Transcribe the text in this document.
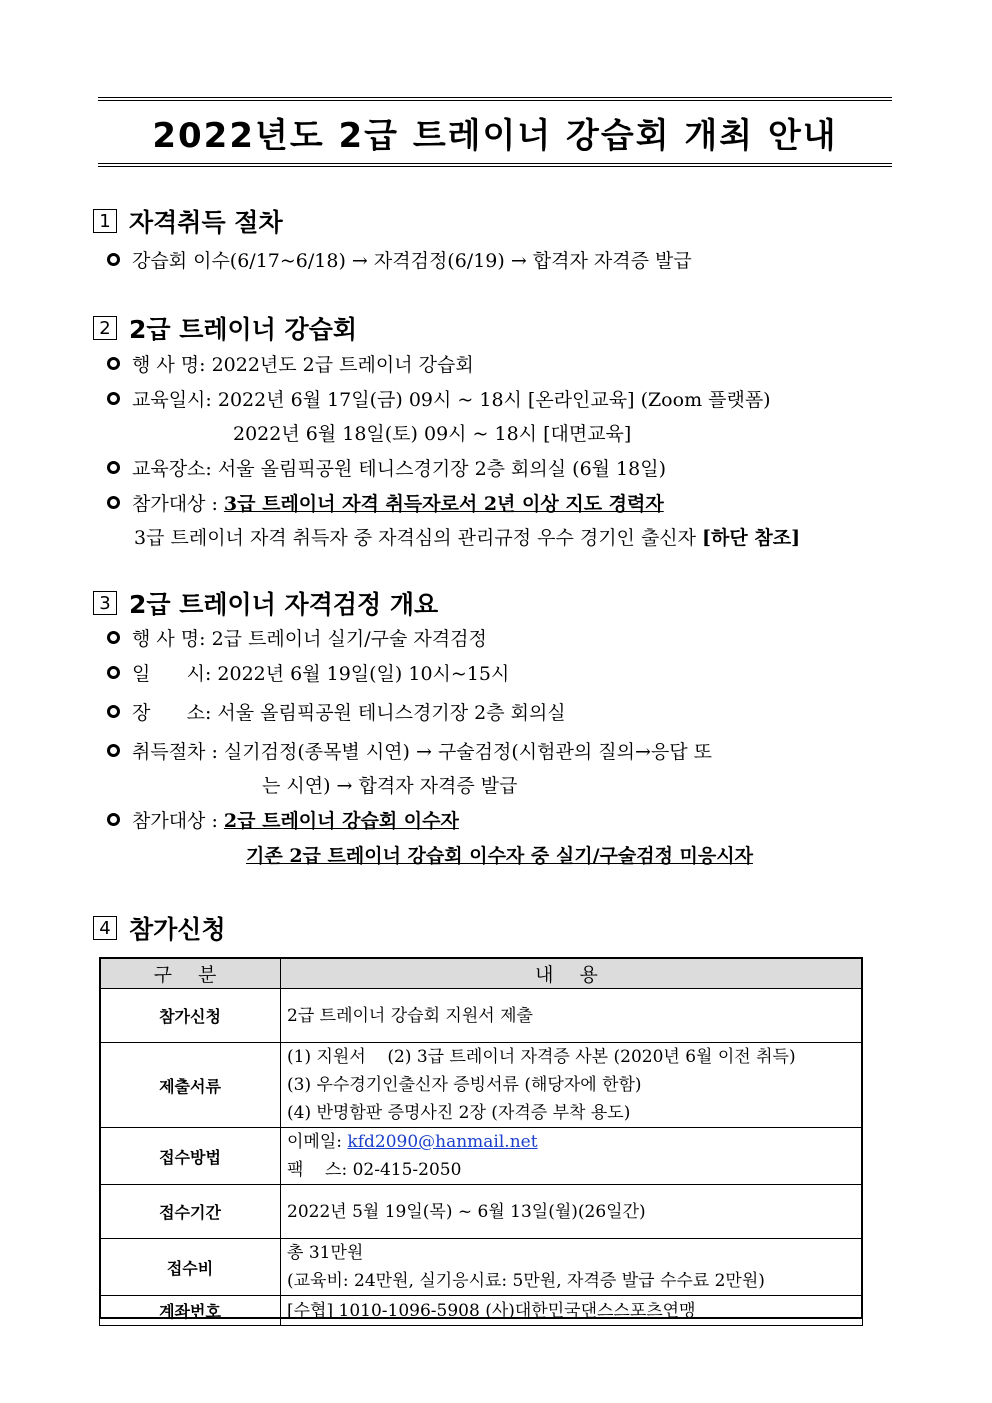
2022년도 2급 트레이너 강습회 개최 안내
1 자격취득 절차
강습회 이수(6/17~6/18) → 자격검정(6/19) → 합격자 자격증 발급
2 2급 트레이너 강습회
행 사 명: 2022년도 2급 트레이너 강습회
교육일시: 2022년 6월 17일(금) 09시 ~ 18시 [온라인교육] (Zoom 플랫폼)
2022년 6월 18일(토) 09시 ~ 18시 [대면교육]
교육장소: 서울 올림픽공원 테니스경기장 2층 회의실 (6월 18일)
참가대상 : 3급 트레이너 자격 취득자로서 2년 이상 지도 경력자
3급 트레이너 자격 취득자 중 자격심의 관리규정 우수 경기인 출신자 [하단 참조]
3 2급 트레이너 자격검정 개요
행 사 명: 2급 트레이너 실기/구술 자격검정
일      시: 2022년 6월 19일(일) 10시~15시
장      소: 서울 올림픽공원 테니스경기장 2층 회의실
취득절차 : 실기검정(종목별 시연) → 구술검정(시험관의 질의→응답 또
는 시연) → 합격자 자격증 발급
참가대상 : 2급 트레이너 강습회 이수자
기존 2급 트레이너 강습회 이수자 중 실기/구술검정 미응시자
4 참가신청
구 분	내 용
참가신청	2급 트레이너 강습회 지원서 제출
제출서류	(1) 지원서    (2) 3급 트레이너 자격증 사본 (2020년 6월 이전 취득)
(3) 우수경기인출신자 증빙서류 (해당자에 한함)
(4) 반명함판 증명사진 2장 (자격증 부착 용도)

접수방법	이메일: kfd2090@hanmail.net
팩    스: 02-415-2050

접수기간	2022년 5월 19일(목) ~ 6월 13일(월)(26일간)
접수비	총 31만원
(교육비: 24만원, 실기응시료: 5만원, 자격증 발급 수수료 2만원)

계좌번호	[수협] 1010-1096-5908 (사)대한민국댄스스포츠연맹
